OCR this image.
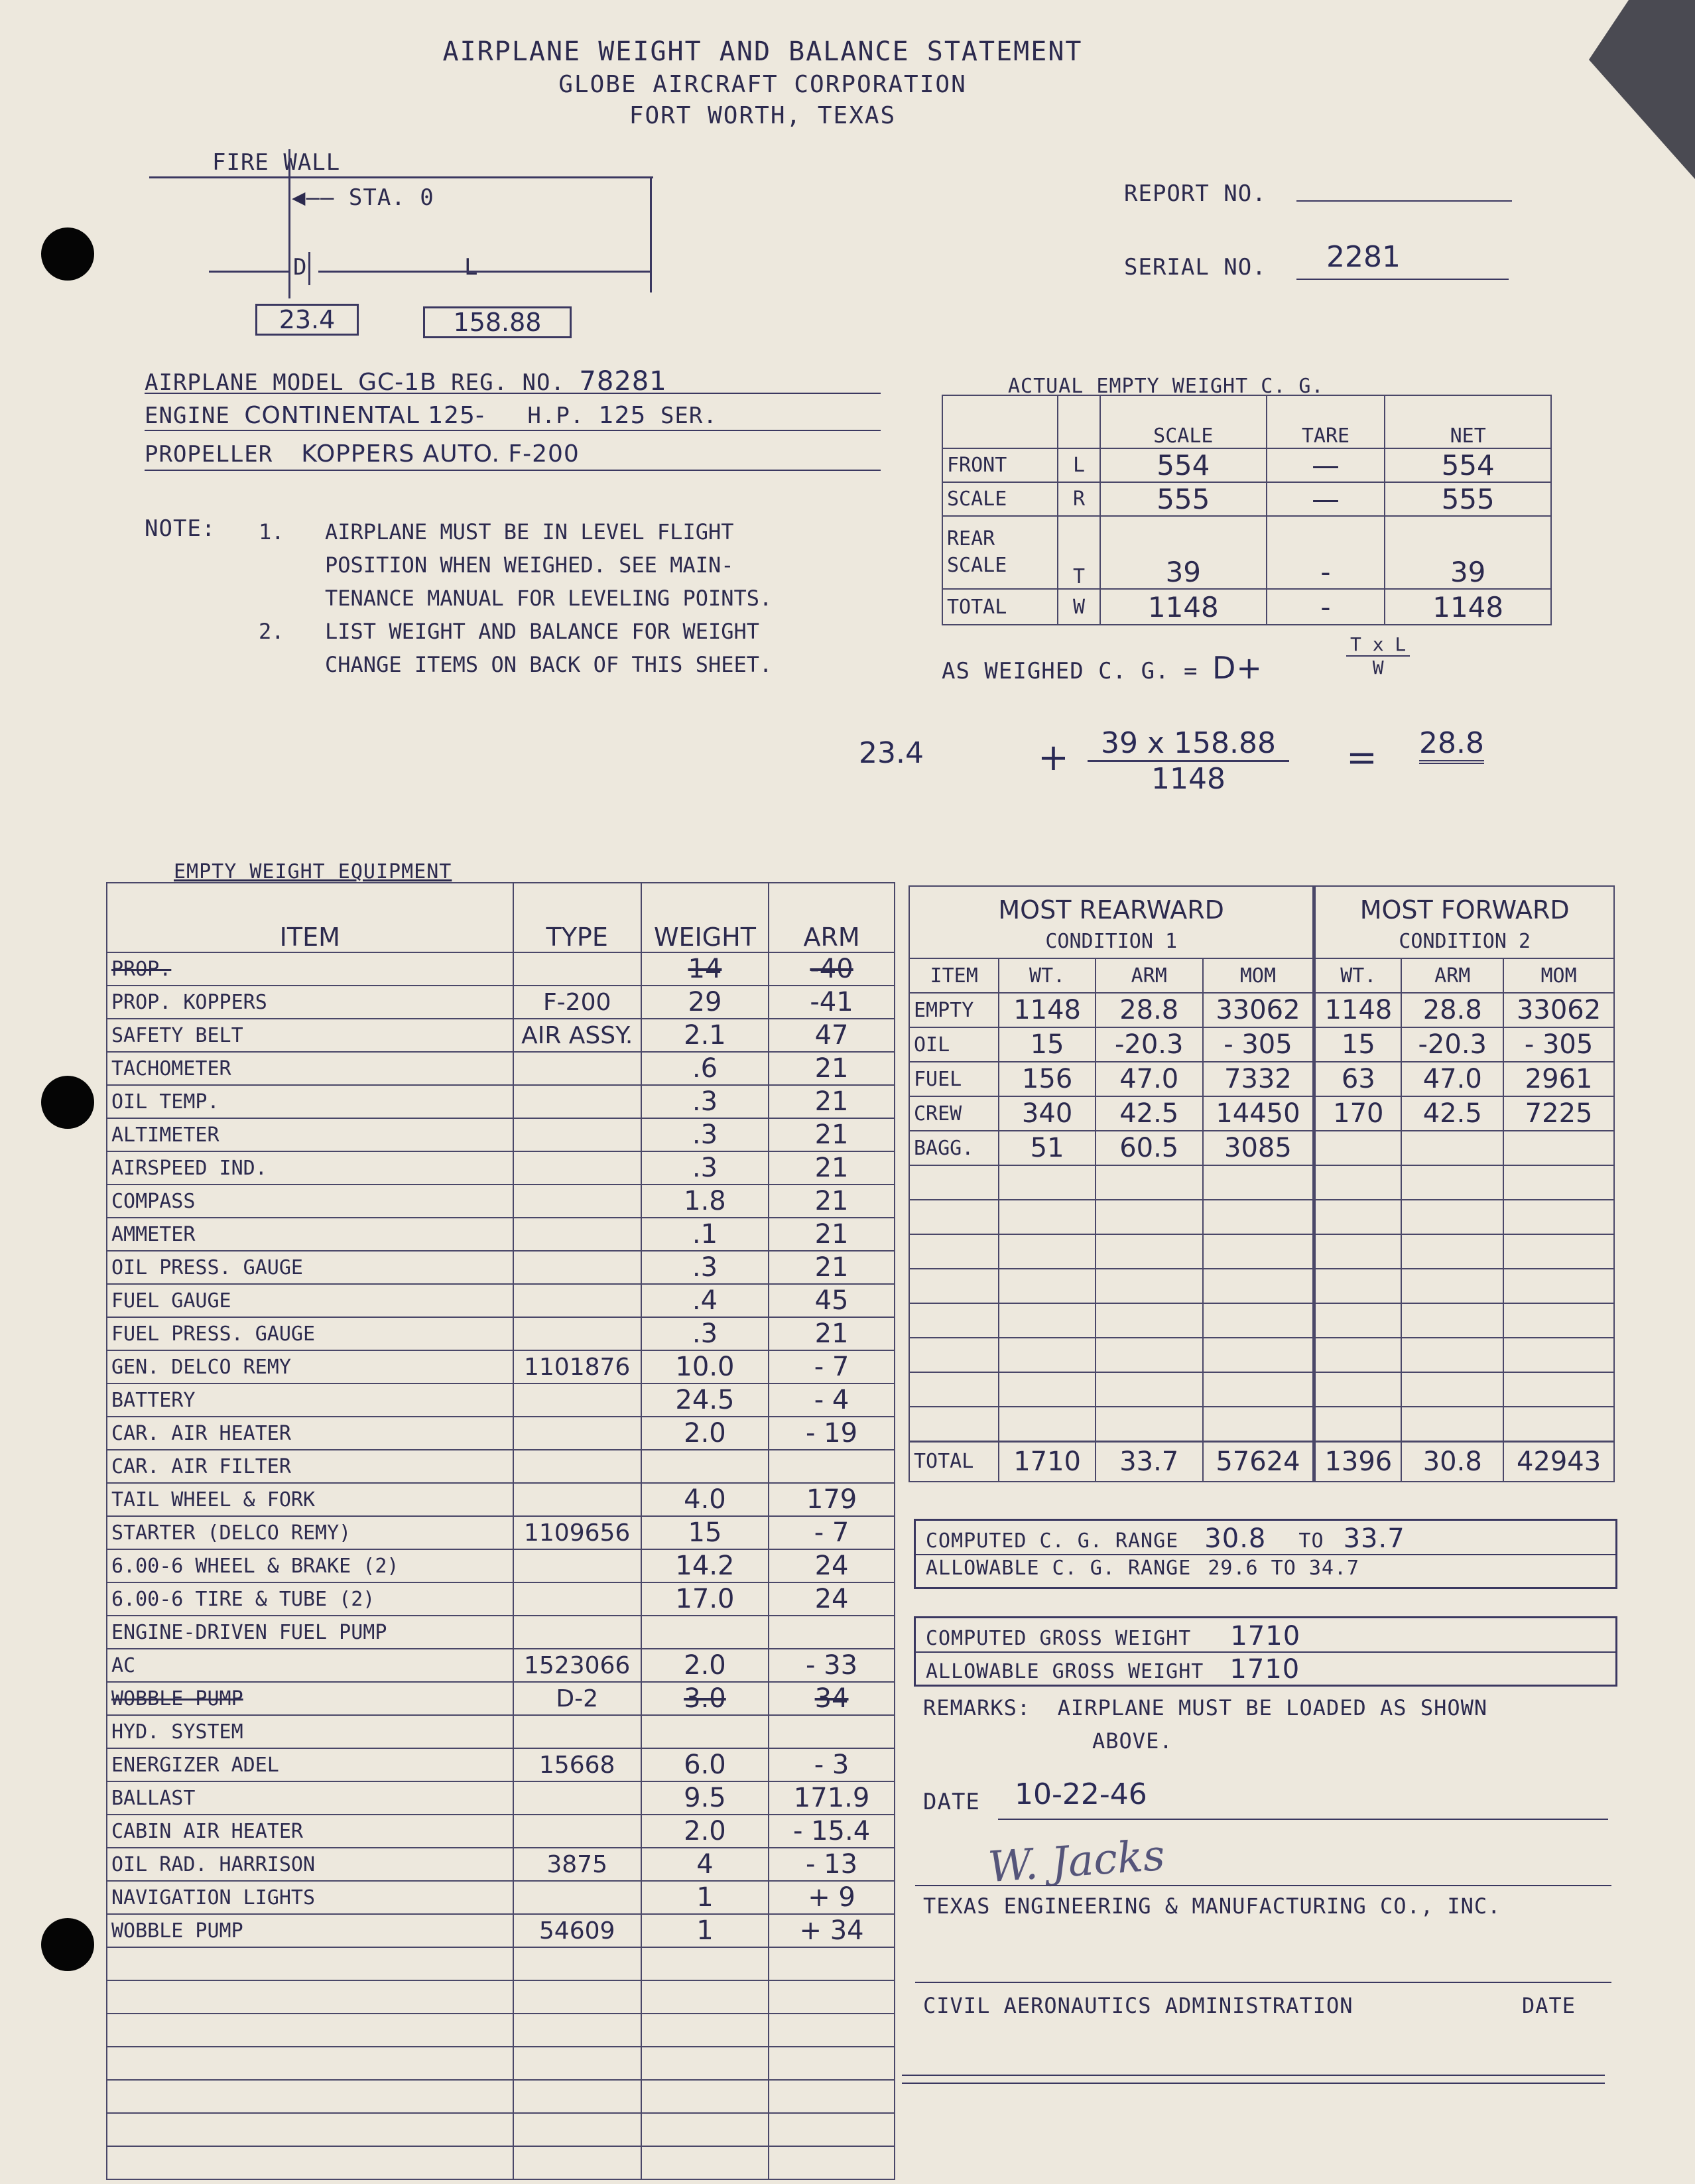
AIRPLANE WEIGHT AND BALANCE STATEMENT
GLOBE AIRCRAFT CORPORATION
FORT WORTH, TEXAS
FIRE WALL
◀—— STA. 0
D	L
23.4	158.88
REPORT NO.
SERIAL NO. 2281
AIRPLANE MODEL GC-1B REG. NO. 78281
ENGINE CONTINENTAL 125- H.P. 125 SER.
PROPELLER KOPPERS AUTO. F-200
NOTE: 1.	AIRPLANE MUST BE IN LEVEL FLIGHT
POSITION WHEN WEIGHED. SEE MAIN-
TENANCE MANUAL FOR LEVELING POINTS.
2.	LIST WEIGHT AND BALANCE FOR WEIGHT
CHANGE ITEMS ON BACK OF THIS SHEET.
ACTUAL EMPTY WEIGHT C. G.
		SCALE	TARE	NET
FRONT	L	554	—	554
SCALE	R	555	—	555
REAR SCALE	T	39	-	39
TOTAL	W	1148	-	1148
AS WEIGHED C. G. = D+	$\frac{\text{T x L}}{W}$
23.4	+ $\frac{39 x 158.88}{1148} = 28.8$
EMPTY WEIGHT EQUIPMENT
ITEM	TYPE	WEIGHT	ARM
PROP.		14	-40
PROP. KOPPERS	F-200	29	-41
SAFETY BELT	AIR ASSY.	2.1	47
TACHOMETER		.6	21
OIL TEMP.		.3	21
ALTIMETER		.3	21
AIRSPEED IND.		.3	21
COMPASS		1.8	21
AMMETER		.1	21
OIL PRESS. GAUGE		.3	21
FUEL GAUGE		.4	45
FUEL PRESS. GAUGE		.3	21
GEN. DELCO REMY	1101876	10.0	- 7
BATTERY		24.5	- 4
CAR. AIR HEATER		2.0	- 19
CAR. AIR FILTER			
TAIL WHEEL & FORK		4.0	179
STARTER (DELCO REMY)	1109656	15	- 7
6.00-6 WHEEL & BRAKE (2)		14.2	24
6.00-6 TIRE & TUBE (2)		17.0	24
ENGINE-DRIVEN FUEL PUMP			
AC	1523066	2.0	- 33
WOBBLE PUMP	D-2	3.0	34
HYD. SYSTEM			
ENERGIZER ADEL	15668	6.0	- 3
BALLAST		9.5	171.9
CABIN AIR HEATER		2.0	- 15.4
OIL RAD. HARRISON	3875	4	- 13
NAVIGATION LIGHTS		1	+ 9
WOBBLE PUMP	54609	1	+ 34

MOST REARWARD				MOST FORWARD		
CONDITION 1				CONDITION 2		
ITEM	WT.	ARM	MOM	WT.	ARM	MOM
EMPTY	1148	28.8	33062	1148	28.8	33062
OIL	15	-20.3	- 305	15	-20.3	- 305
FUEL	156	47.0	7332	63	47.0	2961
CREW	340	42.5	14450	170	42.5	7225
BAGG.	51	60.5	3085			

TOTAL	1710	33.7	57624	1396	30.8	42943
COMPUTED C. G. RANGE 30.8 TO 33.7
ALLOWABLE C. G. RANGE 29.6 TO 34.7
COMPUTED GROSS WEIGHT 1710
ALLOWABLE GROSS WEIGHT 1710
REMARKS: AIRPLANE MUST BE LOADED AS SHOWN
ABOVE.
DATE 10-22-46
W. Jacks
TEXAS ENGINEERING & MANUFACTURING CO., INC.
CIVIL AERONAUTICS ADMINISTRATION	DATE
